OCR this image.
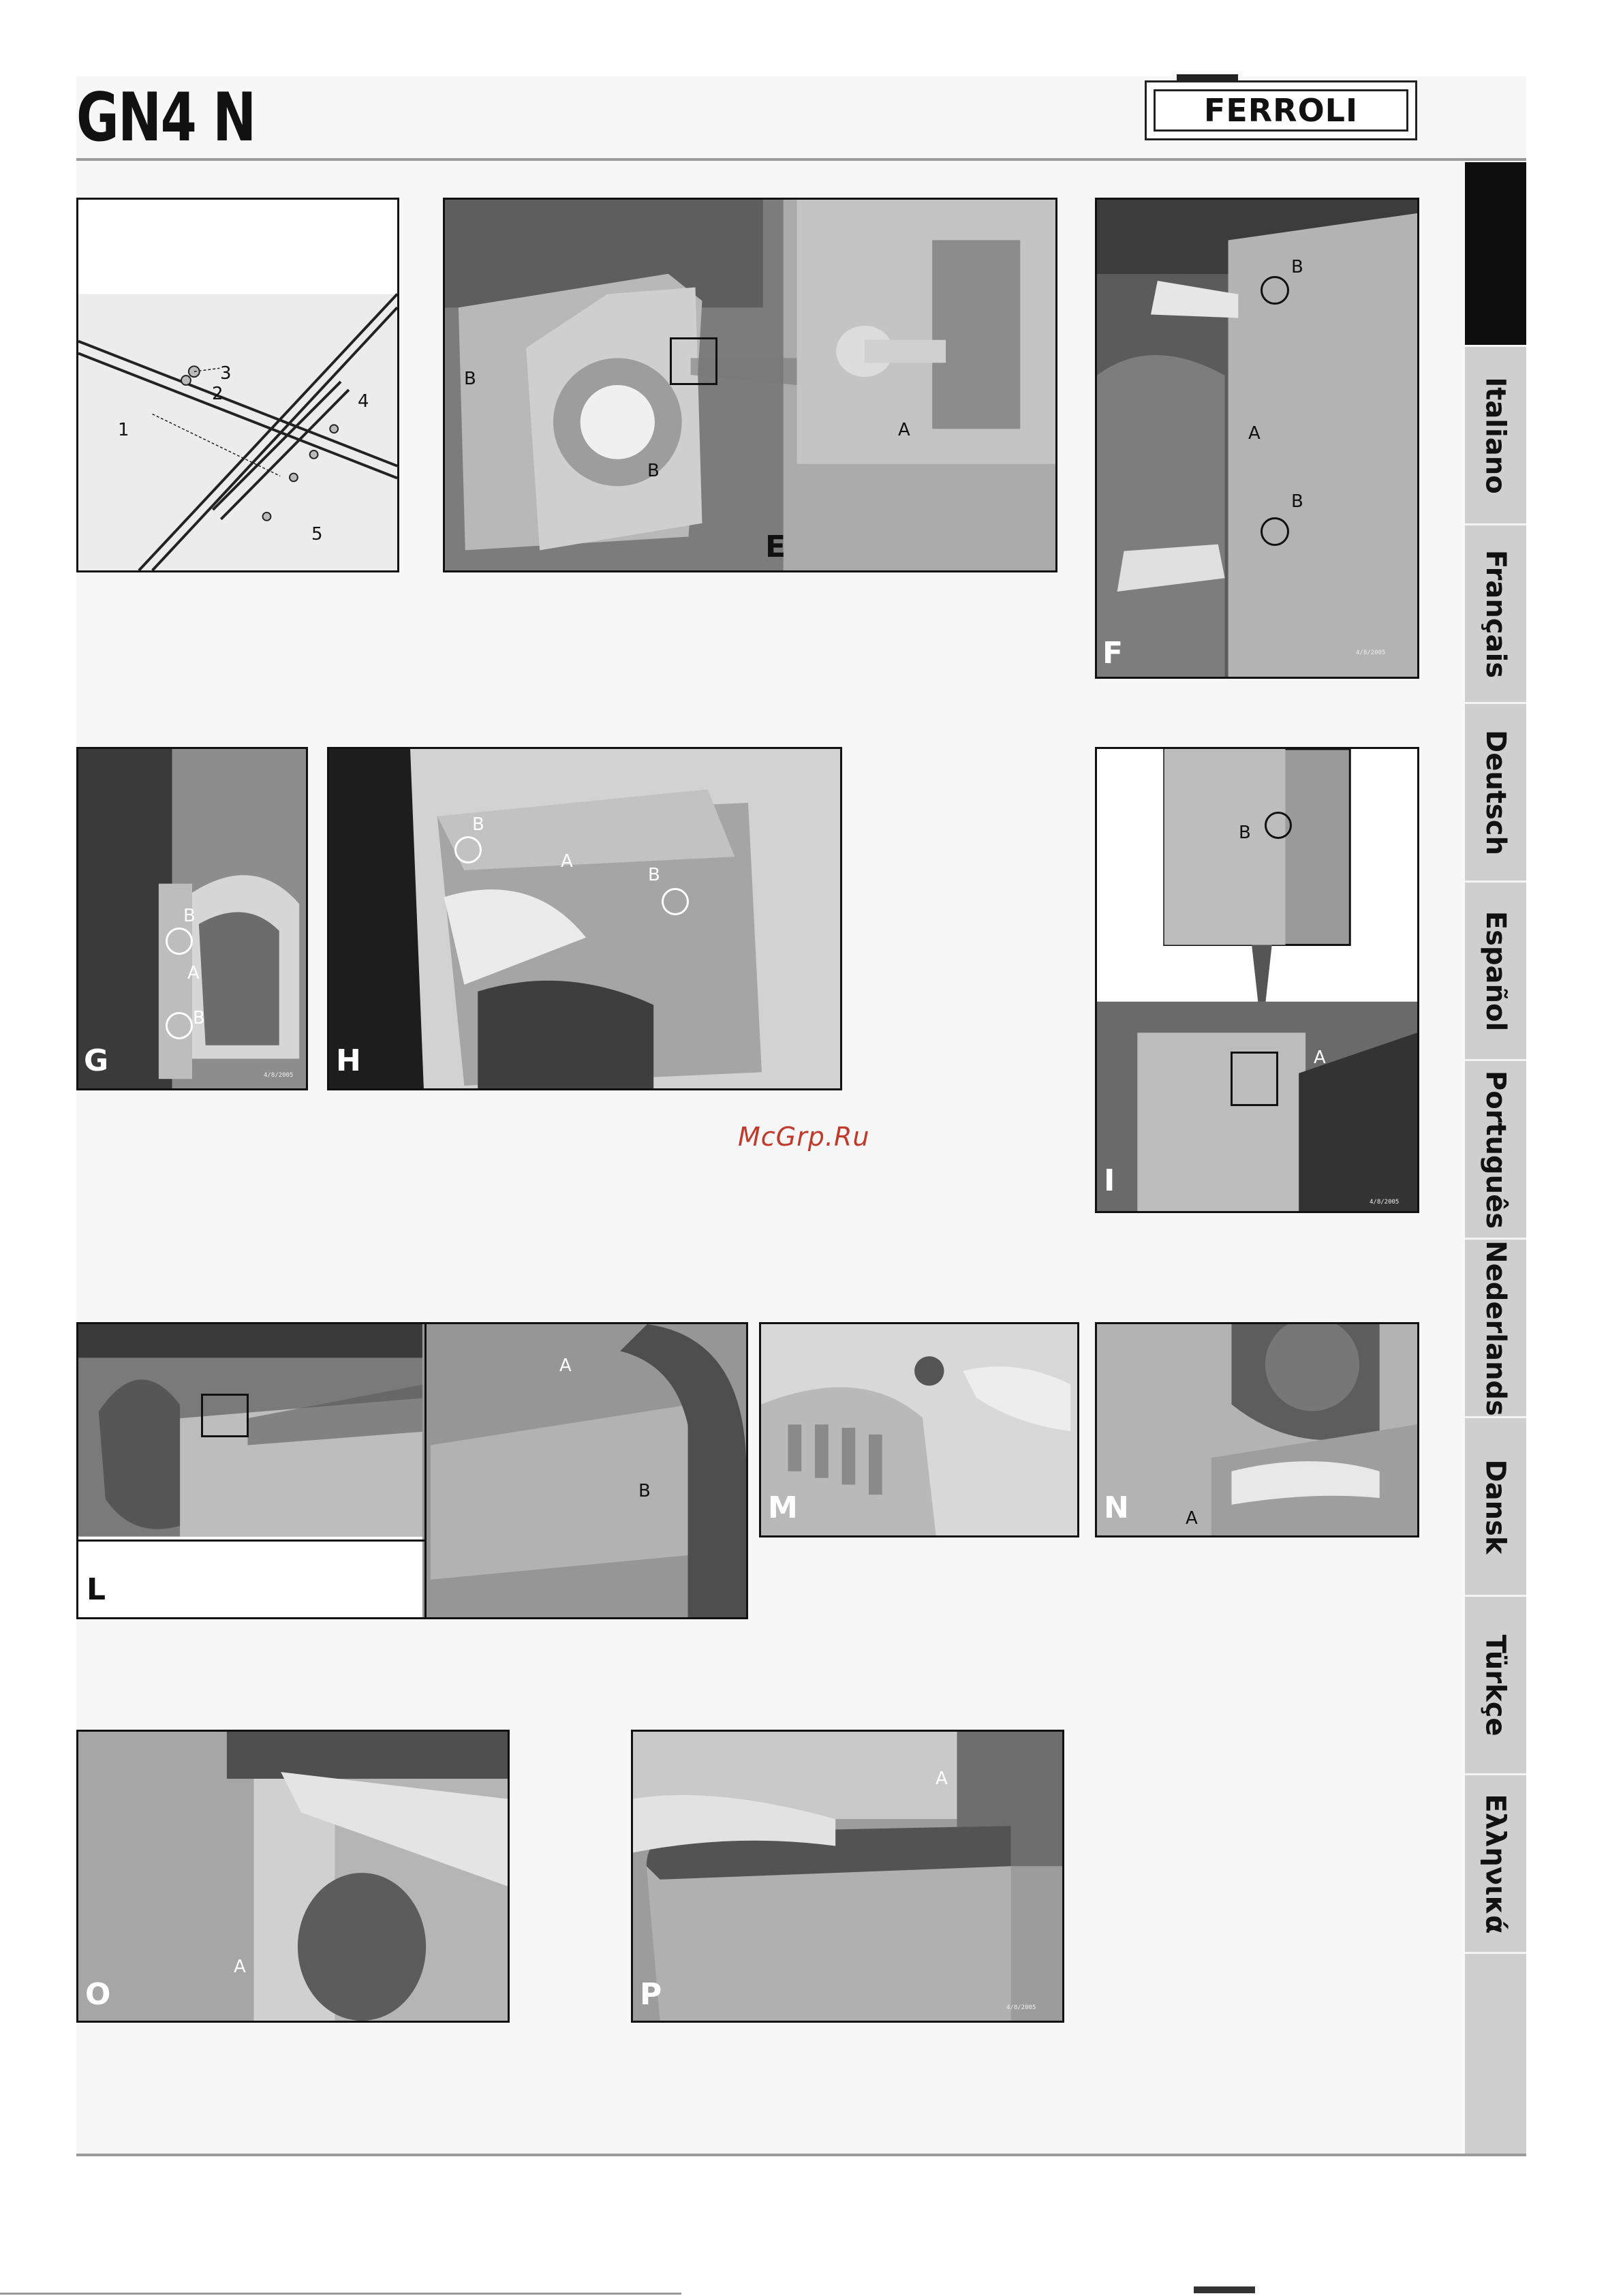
GN4 N	FERROLI
3
2
1
4
5	E
B
B
A
B
A
B
F	4/8/2005
B
A
B
G	4/8/2005
B
A
B
H
B
A
I
4/8/2005
McGrp.Ru
A
B
L
M	N	A
A
O
A
P	4/8/2005
Italiano
Français
Deutsch
Español
Português
Nederlands
Dansk
Türkçe
Ελληνικά
